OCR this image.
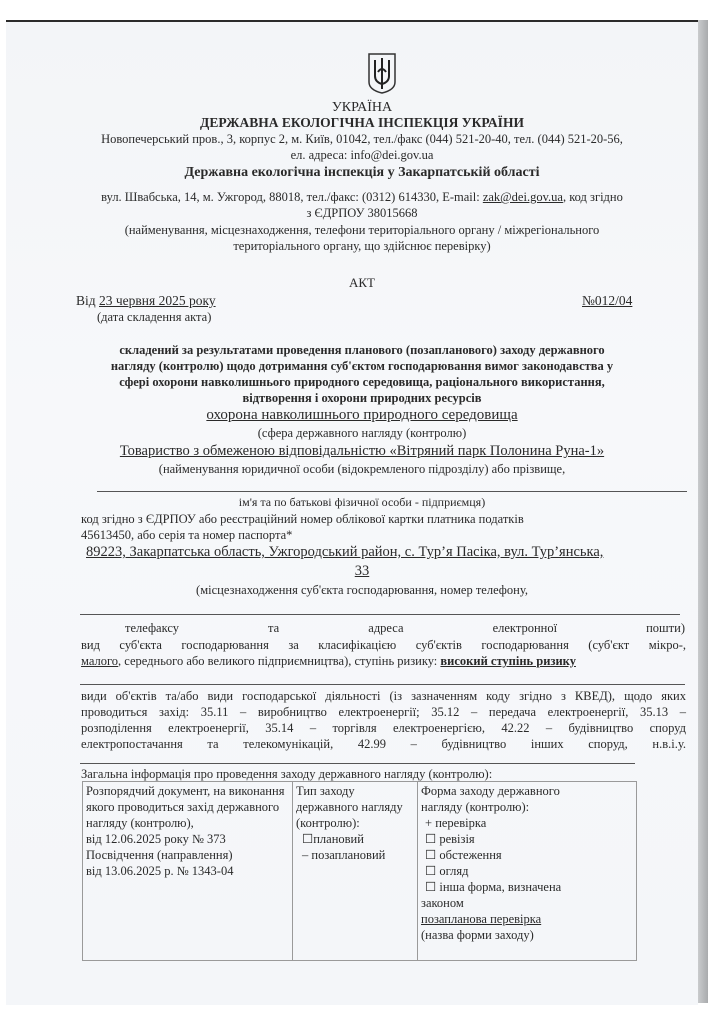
УКРАЇНА
ДЕРЖАВНА ЕКОЛОГІЧНА ІНСПЕКЦІЯ УКРАЇНИ
Новопечерський пров., 3, корпус 2, м. Київ, 01042, тел./факс (044) 521-20-40, тел. (044) 521-20-56,
ел. адреса: info@dei.gov.ua
Державна екологічна інспекція у Закарпатській області
вул. Швабська, 14, м. Ужгород, 88018, тел./факс: (0312) 614330, E-mail: zak@dei.gov.ua, код згідно
з ЄДРПОУ 38015668
(найменування, місцезнаходження, телефони територіального органу / міжрегіонального
територіального органу, що здійснює перевірку)
АКТ
Від 23 червня 2025 року
(дата складення акта)
№012/04
складений за результатами проведення планового (позапланового) заходу державного
нагляду (контролю) щодо дотримання суб'єктом господарювання вимог законодавства у
сфері охорони навколишнього природного середовища, раціонального використання,
відтворення і охорони природних ресурсів
охорона навколишнього природного середовища
(сфера державного нагляду (контролю)
Товариство з обмеженою відповідальністю «Вітряний парк Полонина Руна-1»
(найменування юридичної особи (відокремленого підрозділу) або прізвище,
ім'я та по батькові фізичної особи - підприємця)
код згідно з ЄДРПОУ або реєстраційний номер облікової картки платника податків
45613450, або серія та номер паспорта*
89223, Закарпатська область, Ужгородський район, с. Тур’я Пасіка, вул. Тур’янська,
33
(місцезнаходження суб'єкта господарювання, номер телефону,
телефаксу	та	адреса	електронної	пошти)
вид суб'єкта господарювання за класифікацією суб'єктів господарювання (суб'єкт мікро-,
малого, середнього або великого підприємництва), ступінь ризику: високий ступінь ризику
види об'єктів та/або види господарської діяльності (із зазначенням коду згідно з КВЕД), щодо яких
проводиться захід: 35.11 – виробництво електроенергії; 35.12 – передача електроенергії, 35.13 –
розподілення електроенергії, 35.14 – торгівля електроенергією, 42.22 – будівництво споруд
електропостачання та телекомунікацій, 42.99 – будівництво інших споруд, н.в.і.у.
Загальна інформація про проведення заходу державного нагляду (контролю):
Розпорядчий документ, на виконання
якого проводиться захід державного
нагляду (контролю),
від 12.06.2025 року № 373
Посвідчення (направлення)
від 13.06.2025 р. № 1343-04

Тип заходу
державного нагляду
(контролю):
☐плановий
– позаплановий

Форма заходу державного
нагляду (контролю):
+ перевірка
☐ ревізія
☐ обстеження
☐ огляд
☐ інша форма, визначена
законом
позапланова перевірка
(назва форми заходу)
